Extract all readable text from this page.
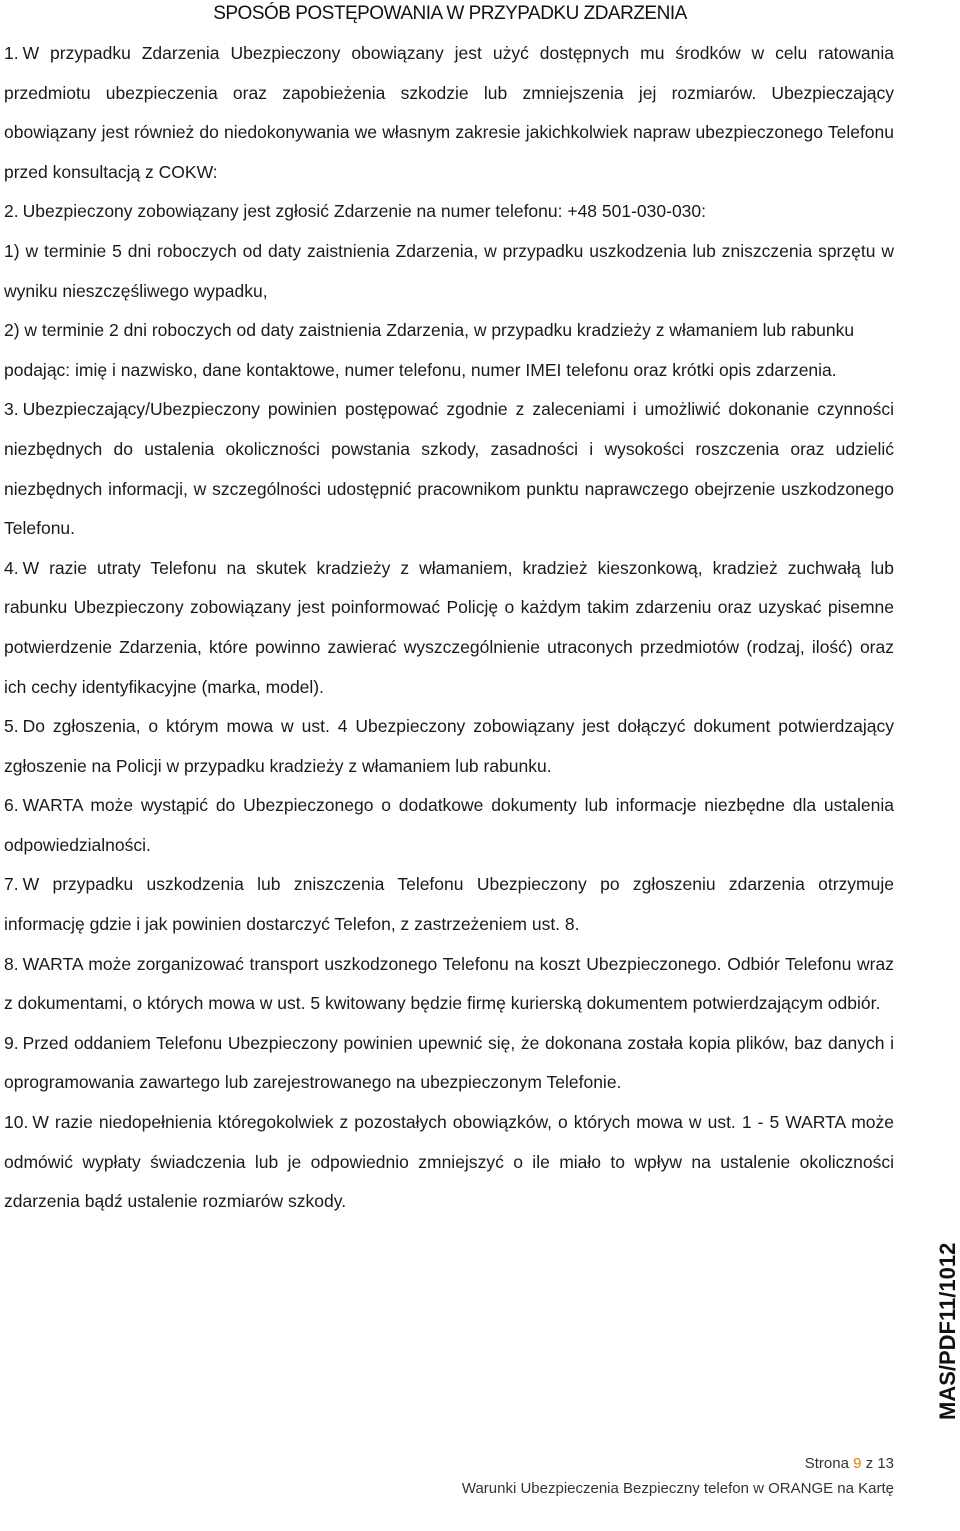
SPOSÓB POSTĘPOWANIA W PRZYPADKU ZDARZENIA

1. W przypadku Zdarzenia Ubezpieczony obowiązany jest użyć dostępnych mu środków w celu ratowania przedmiotu ubezpieczenia oraz zapobieżenia szkodzie lub zmniejszenia jej rozmiarów. Ubezpieczający obowiązany jest również do niedokonywania we własnym zakresie jakichkolwiek napraw ubezpieczonego Telefonu przed konsultacją z COKW:

2. Ubezpieczony zobowiązany jest zgłosić Zdarzenie na numer telefonu: +48 501-030-030:

1) w terminie 5 dni roboczych od daty zaistnienia Zdarzenia, w przypadku uszkodzenia lub zniszczenia sprzętu w wyniku nieszczęśliwego wypadku,

2) w terminie 2 dni roboczych od daty zaistnienia Zdarzenia, w przypadku kradzieży z włamaniem lub rabunku

podając: imię i nazwisko, dane kontaktowe, numer telefonu, numer IMEI telefonu oraz krótki opis zdarzenia.

3. Ubezpieczający/Ubezpieczony powinien postępować zgodnie z zaleceniami i umożliwić dokonanie czynności niezbędnych do ustalenia okoliczności powstania szkody, zasadności i wysokości roszczenia oraz udzielić niezbędnych informacji, w szczególności udostępnić pracownikom punktu naprawczego obejrzenie uszkodzonego Telefonu.

4. W razie utraty Telefonu na skutek kradzieży z włamaniem, kradzież kieszonkową, kradzież zuchwałą lub rabunku Ubezpieczony zobowiązany jest poinformować Policję o każdym takim zdarzeniu oraz uzyskać pisemne potwierdzenie Zdarzenia, które powinno zawierać wyszczególnienie utraconych przedmiotów (rodzaj, ilość) oraz ich cechy identyfikacyjne (marka, model).

5. Do zgłoszenia, o którym mowa w ust. 4 Ubezpieczony zobowiązany jest dołączyć dokument potwierdzający zgłoszenie na Policji w przypadku kradzieży z włamaniem lub rabunku.

6. WARTA może wystąpić do Ubezpieczonego o dodatkowe dokumenty lub informacje niezbędne dla ustalenia odpowiedzialności.

7. W przypadku uszkodzenia lub zniszczenia Telefonu Ubezpieczony po zgłoszeniu zdarzenia otrzymuje informację gdzie i jak powinien dostarczyć Telefon, z zastrzeżeniem ust. 8.

8. WARTA może zorganizować transport uszkodzonego Telefonu na koszt Ubezpieczonego. Odbiór Telefonu wraz z dokumentami, o których mowa w ust. 5 kwitowany będzie firmę kurierską dokumentem potwierdzającym odbiór.

9. Przed oddaniem Telefonu Ubezpieczony powinien upewnić się, że dokonana została kopia plików, baz danych i oprogramowania zawartego lub zarejestrowanego na ubezpieczonym Telefonie.

10. W razie niedopełnienia któregokolwiek z pozostałych obowiązków, o których mowa w ust. 1 - 5 WARTA może odmówić wypłaty świadczenia lub je odpowiednio zmniejszyć o ile miało to wpływ na ustalenie okoliczności zdarzenia bądź ustalenie rozmiarów szkody.

MAS/PDF11/1012
Strona 9 z 13
Warunki Ubezpieczenia Bezpieczny telefon w ORANGE na Kartę
